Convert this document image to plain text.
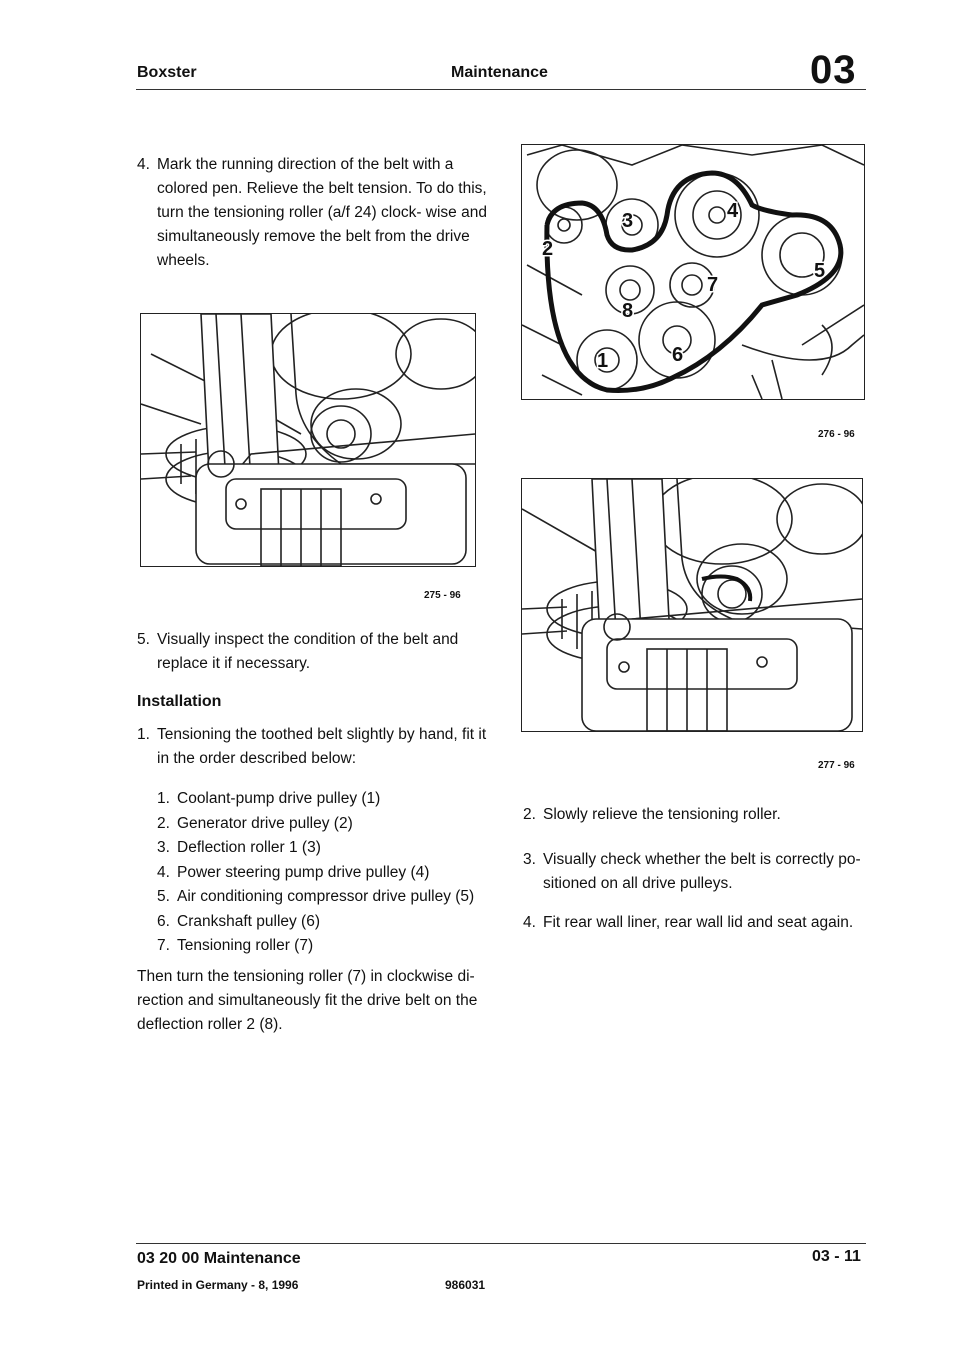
Boxster	Maintenance	03
4. Mark the running direction of the belt with a colored pen. Relieve the belt tension. To do this, turn the tensioning roller (a/f 24) clock- wise and simultaneously remove the belt from the drive wheels.
275 - 96
5. Visually inspect the condition of the belt and replace it if necessary.
Installation
1. Tensioning the toothed belt slightly by hand, fit it in the order described below:
1. Coolant-pump drive pulley (1)
2. Generator drive pulley (2)
3. Deflection roller 1 (3)
4. Power steering pump drive pulley (4)
5. Air conditioning compressor drive pulley (5)
6. Crankshaft pulley (6)
7. Tensioning roller (7)
Then turn the tensioning roller (7) in clockwise di- rection and simultaneously fit the drive belt on the deflection roller 2 (8).
1
2
3	4
5
6
7
8
276 - 96
277 - 96
2. Slowly relieve the tensioning roller.
3. Visually check whether the belt is correctly po- sitioned on all drive pulleys.
4. Fit rear wall liner, rear wall lid and seat again.
03 20 00 Maintenance
Printed in Germany - 8, 1996	986031
03 - 11
